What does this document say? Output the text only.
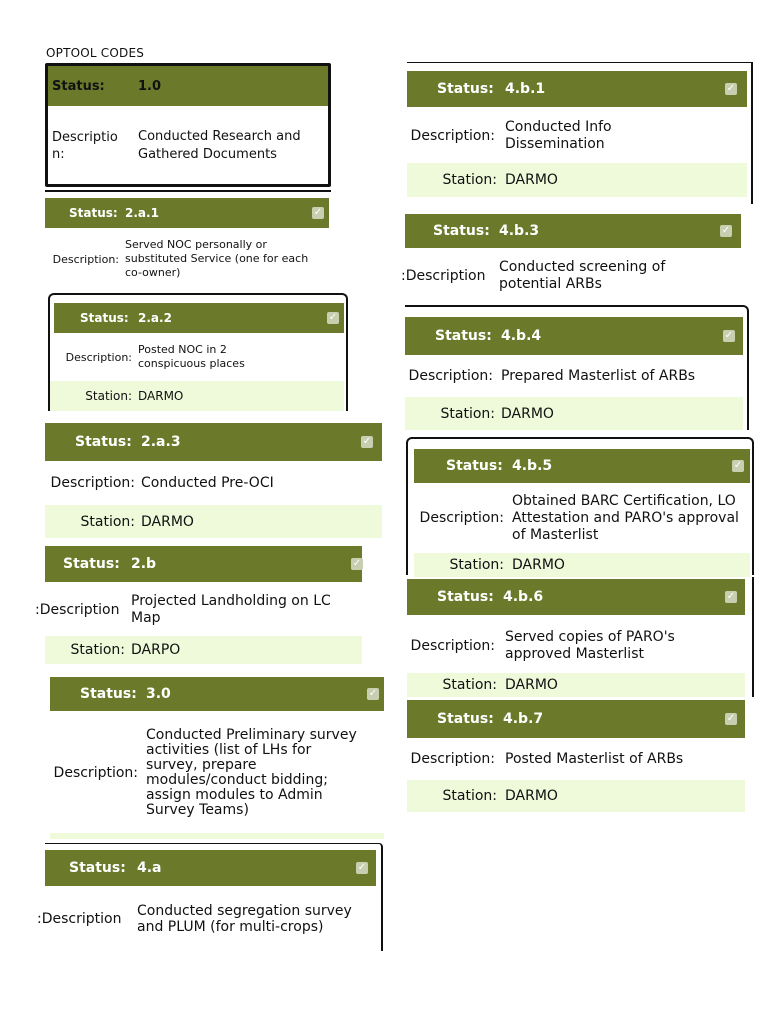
OPTOOL CODES
Status:	1.0
Descriptio n:
Conducted Research and Gathered Documents
Status: 2.a.1	✓
Description:
Served NOC personally or substituted Service (one for each co-owner)
Status: 2.a.2	✓
Description:
Posted NOC in 2 conspicuous places
Station: DARMO
Status: 2.a.3	✓
Description: Conducted Pre-OCI
Station: DARMO
Status: 2.b	✓
Description:
Projected Landholding on LC Map
Station: DARPO
Status: 3.0	✓
Description:
Conducted Preliminary survey activities (list of LHs for survey, prepare modules/conduct bidding; assign modules to Admin Survey Teams)
Status: 4.a	✓
Description:	Conducted segregation survey and PLUM (for multi-crops)
Status: 4.b.1	✓
Description:
Conducted Info Dissemination
Station: DARMO
Status: 4.b.3	✓
Description:
Conducted screening of potential ARBs
Status: 4.b.4	✓
Description: Prepared Masterlist of ARBs
Station: DARMO
Status: 4.b.5	✓
Description:
Obtained BARC Certification, LO Attestation and PARO's approval of Masterlist
Station: DARMO
Status: 4.b.6	✓
Description:
Served copies of PARO's approved Masterlist
Station: DARMO
Status: 4.b.7	✓
Description: Posted Masterlist of ARBs
Station: DARMO
